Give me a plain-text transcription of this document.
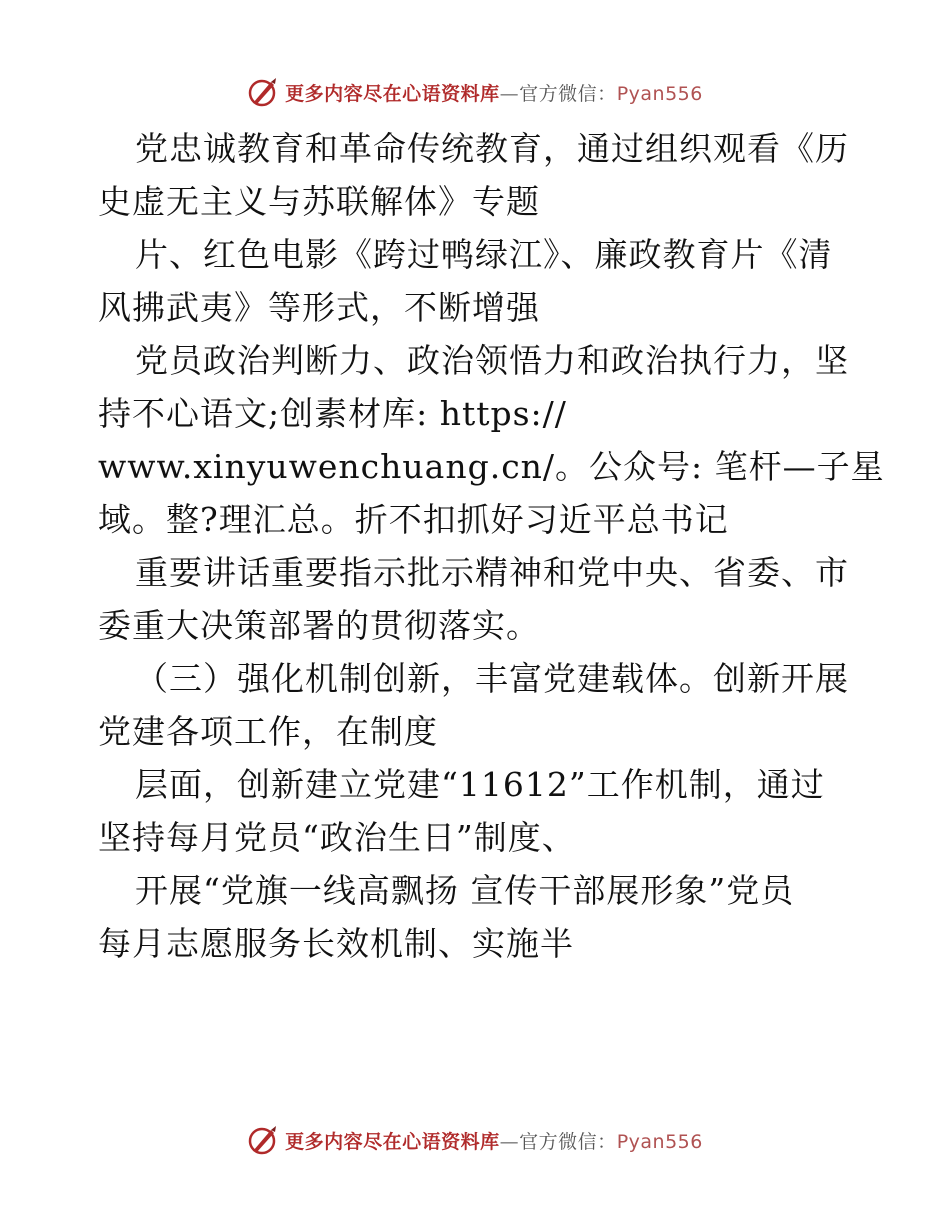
更多内容尽在心语资料库—官方微信：Pyan556
党忠诚教育和革命传统教育，通过组织观看《历
史虚无主义与苏联解体》专题
片、红色电影《跨过鸭绿江》、廉政教育片《清
风拂武夷》等形式，不断增强
党员政治判断力、政治领悟力和政治执行力，坚
持不心语文;创素材库: https://
www.xinyuwenchuang.cn/。公众号: 笔杆—子星
域。整?理汇总。折不扣抓好习近平总书记
重要讲话重要指示批示精神和党中央、省委、市
委重大决策部署的贯彻落实。
（三）强化机制创新，丰富党建载体。创新开展
党建各项工作，在制度
层面，创新建立党建“11612”工作机制，通过
坚持每月党员“政治生日”制度、
开展“党旗一线高飘扬 宣传干部展形象”党员
每月志愿服务长效机制、实施半
更多内容尽在心语资料库—官方微信：Pyan556
